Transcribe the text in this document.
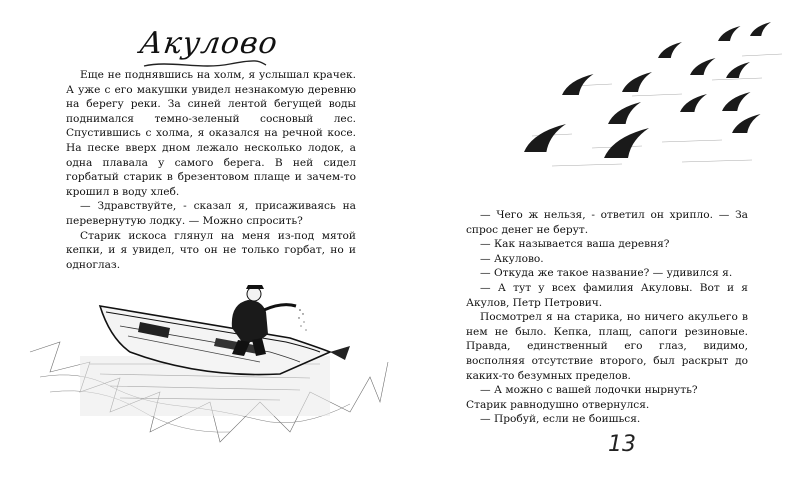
Акулово

Еще не поднявшись на холм, я услышал крачек. А уже с его макушки увидел незнакомую деревню на берегу реки. За синей лентой бегущей воды поднимался темно-зеленый сосновый лес. Спустившись с холма, я оказался на речной косе. На песке вверх дном лежало несколько лодок, а одна плавала у самого берега. В ней сидел горбатый старик в брезентовом плаще и зачем-то крошил в воду хлеб.

— Здравствуйте, - сказал я, присаживаясь на перевернутую лодку. — Можно спросить?

Старик искоса глянул на меня из-под мятой кепки, и я увидел, что он не только горбат, но и одноглаз.

— Чего ж нельзя, - ответил он хрипло. — За спрос денег не берут.

— Как называется ваша деревня?

— Акулово.

— Откуда же такое название? — удивился я.

— А тут у всех фамилия Акуловы. Вот и я Акулов, Петр Петрович.

Посмотрел я на старика, но ничего акульего в нем не было. Кепка, плащ, сапоги резиновые. Правда, единственный его глаз, видимо, восполняя отсутствие второго, был раскрыт до каких-то безумных пределов.

— А можно с вашей лодочки нырнуть?

Старик равнодушно отвернулся.

— Пробуй, если не боишься.

13
